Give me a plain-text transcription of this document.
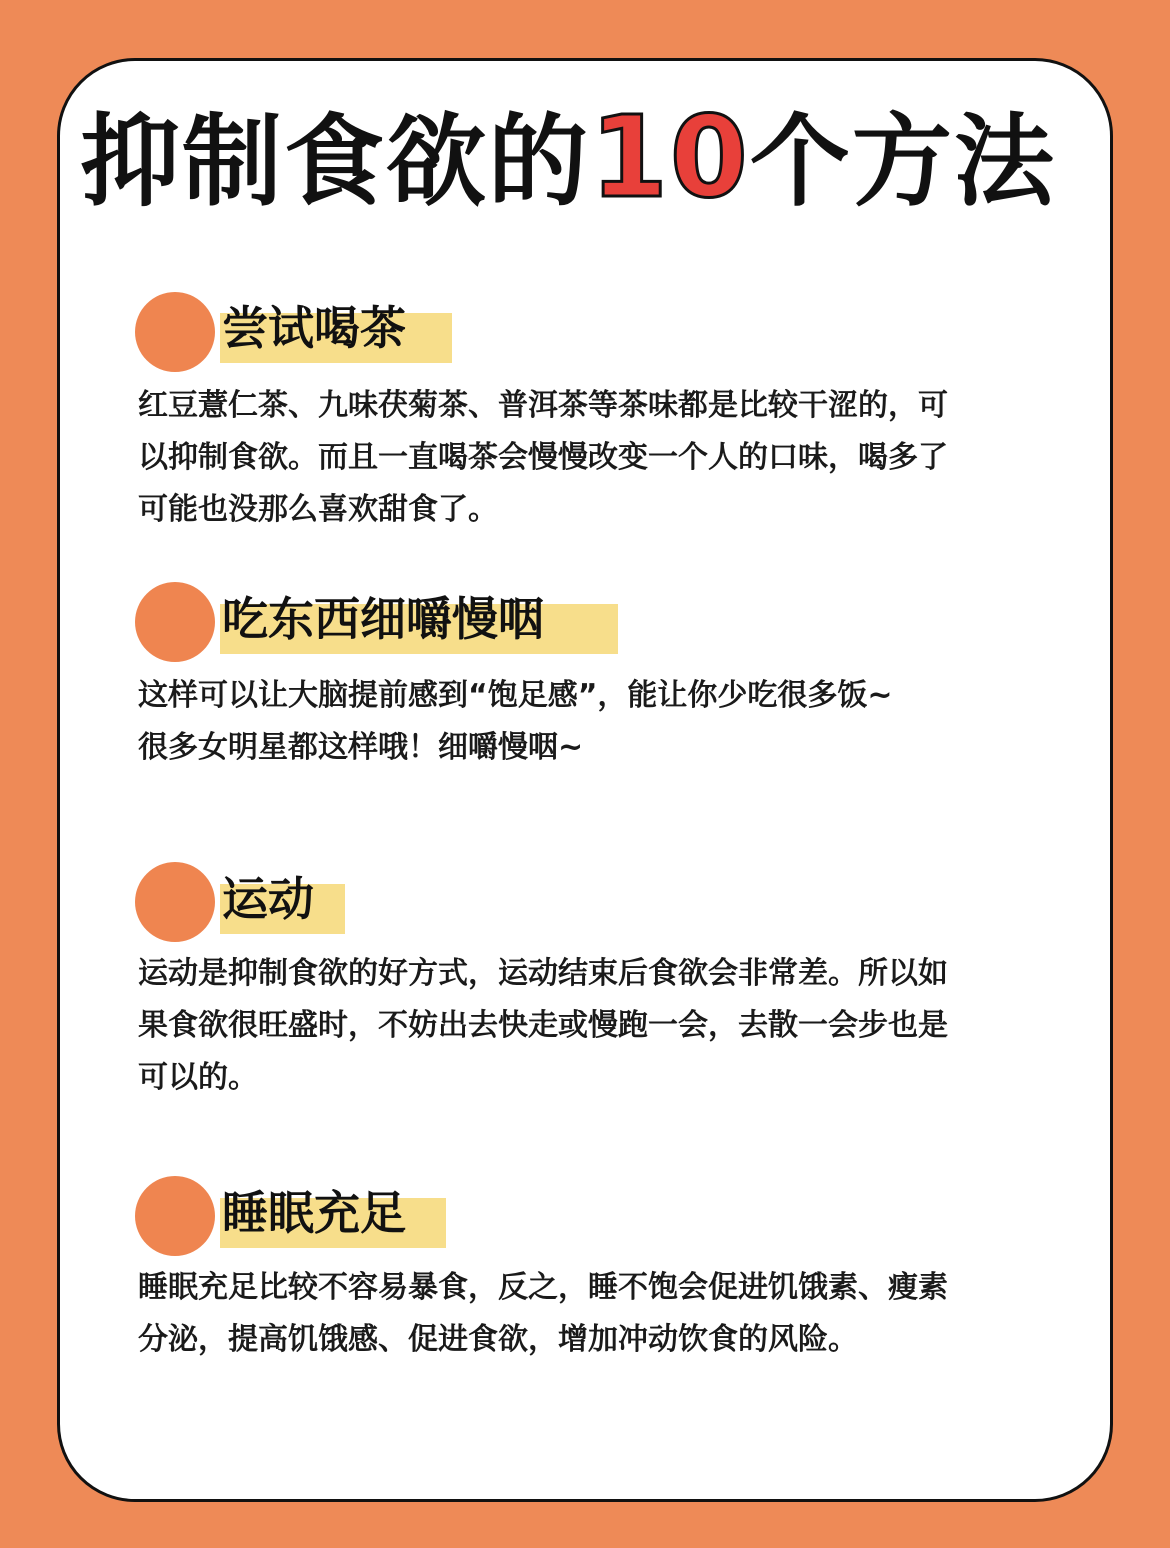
抑制食欲的10个方法
尝试喝茶

红豆薏仁茶、九味茯菊茶、普洱茶等茶味都是比较干涩的，可
以抑制食欲。而且一直喝茶会慢慢改变一个人的口味，喝多了
可能也没那么喜欢甜食了。

吃东西细嚼慢咽

这样可以让大脑提前感到“饱足感”，能让你少吃很多饭~
很多女明星都这样哦！细嚼慢咽~

运动

运动是抑制食欲的好方式，运动结束后食欲会非常差。所以如
果食欲很旺盛时，不妨出去快走或慢跑一会，去散一会步也是
可以的。

睡眠充足

睡眠充足比较不容易暴食，反之，睡不饱会促进饥饿素、瘦素
分泌，提高饥饿感、促进食欲，增加冲动饮食的风险。
